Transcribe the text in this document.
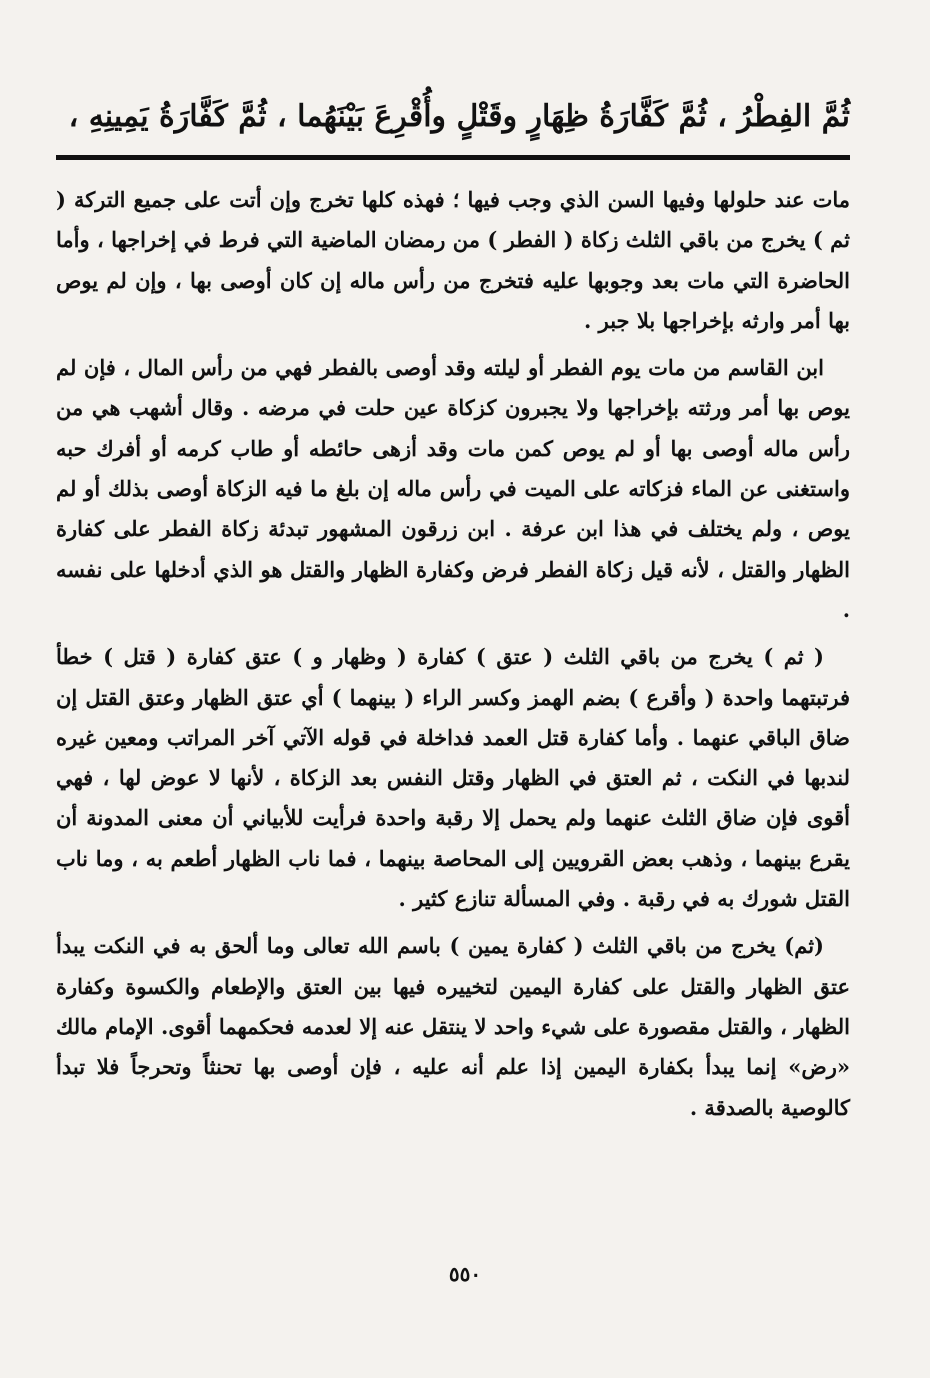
ثُمَّ الفِطْرُ ، ثُمَّ كَفَّارَةُ ظِهَارٍ وقَتْلٍ وأُقْرِعَ بَيْنَهُما ، ثُمَّ كَفَّارَةُ يَمِينِهِ ،

مات عند حلولها وفيها السن الذي وجب فيها ؛ فهذه كلها تخرج وإن أتت على جميع التركة ( ثم ) يخرج من باقي الثلث زكاة ( الفطر ) من رمضان الماضية التي فرط في إخراجها ، وأما الحاضرة التي مات بعد وجوبها عليه فتخرج من رأس ماله إن كان أوصى بها ، وإن لم يوص بها أمر وارثه بإخراجها بلا جبر .

ابن القاسم من مات يوم الفطر أو ليلته وقد أوصى بالفطر فهي من رأس المال ، فإن لم يوص بها أمر ورثته بإخراجها ولا يجبرون كزكاة عين حلت في مرضه . وقال أشهب هي من رأس ماله أوصى بها أو لم يوص كمن مات وقد أزهى حائطه أو طاب كرمه أو أفرك حبه واستغنى عن الماء فزكاته على الميت في رأس ماله إن بلغ ما فيه الزكاة أوصى بذلك أو لم يوص ، ولم يختلف في هذا ابن عرفة . ابن زرقون المشهور تبدئة زكاة الفطر على كفارة الظهار والقتل ، لأنه قيل زكاة الفطر فرض وكفارة الظهار والقتل هو الذي أدخلها على نفسه .

( ثم ) يخرج من باقي الثلث ( عتق ) كفارة ( وظهار و ) عتق كفارة ( قتل ) خطأ فرتبتهما واحدة ( وأقرع ) بضم الهمز وكسر الراء ( بينهما ) أي عتق الظهار وعتق القتل إن ضاق الباقي عنهما . وأما كفارة قتل العمد فداخلة في قوله الآتي آخر المراتب ومعين غيره لندبها في النكت ، ثم العتق في الظهار وقتل النفس بعد الزكاة ، لأنها لا عوض لها ، فهي أقوى فإن ضاق الثلث عنهما ولم يحمل إلا رقبة واحدة فرأيت للأبياني أن معنى المدونة أن يقرع بينهما ، وذهب بعض القرويين إلى المحاصة بينهما ، فما ناب الظهار أطعم به ، وما ناب القتل شورك به في رقبة . وفي المسألة تنازع كثير .

(ثم) يخرج من باقي الثلث ( كفارة يمين ) باسم الله تعالى وما ألحق به في النكت يبدأ عتق الظهار والقتل على كفارة اليمين لتخييره فيها بين العتق والإطعام والكسوة وكفارة الظهار ، والقتل مقصورة على شيء واحد لا ينتقل عنه إلا لعدمه فحكمهما أقوى. الإمام مالك «رض» إنما يبدأ بكفارة اليمين إذا علم أنه عليه ، فإن أوصى بها تحنثاً وتحرجاً فلا تبدأ كالوصية بالصدقة .

٥٥٠
